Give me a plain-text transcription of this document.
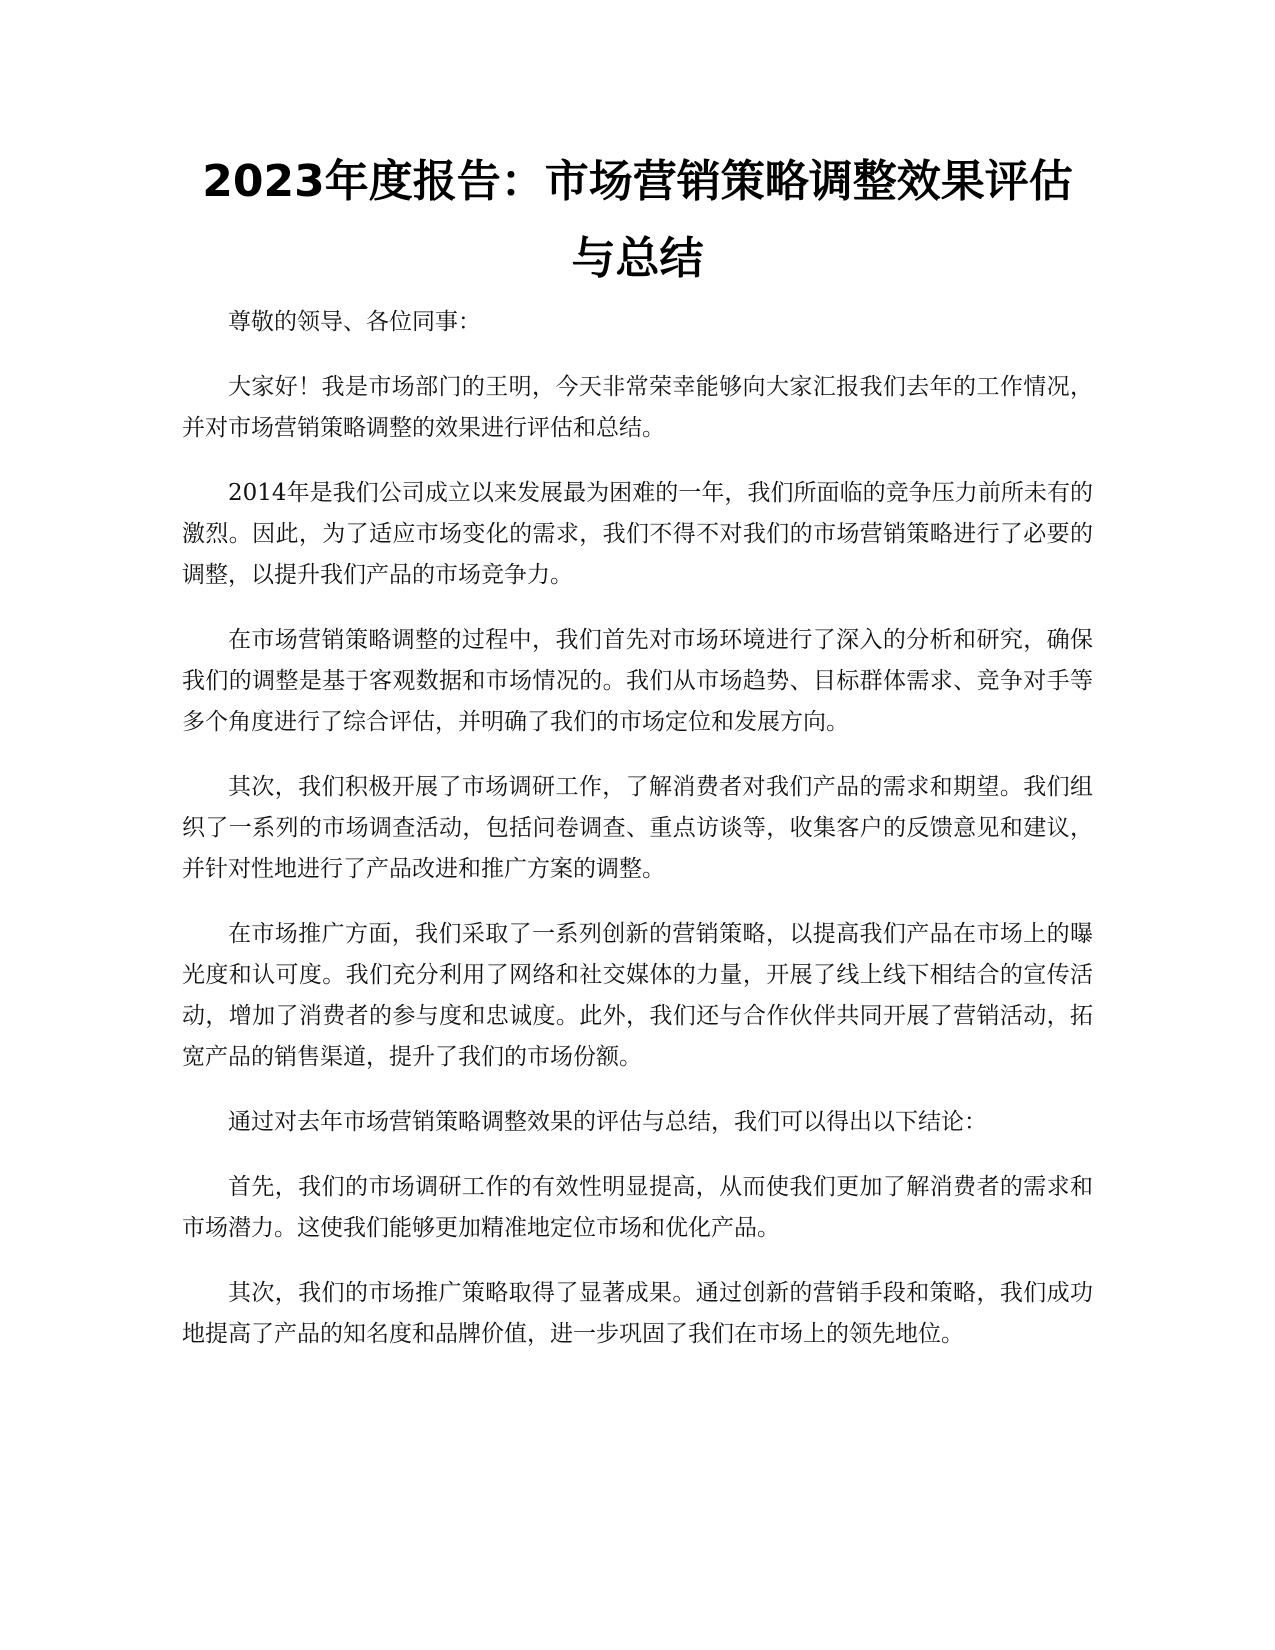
2023年度报告：市场营销策略调整效果评估与总结

尊敬的领导、各位同事：

大家好！我是市场部门的王明，今天非常荣幸能够向大家汇报我们去年的工作情况，并对市场营销策略调整的效果进行评估和总结。

2014年是我们公司成立以来发展最为困难的一年，我们所面临的竞争压力前所未有的激烈。因此，为了适应市场变化的需求，我们不得不对我们的市场营销策略进行了必要的调整，以提升我们产品的市场竞争力。

在市场营销策略调整的过程中，我们首先对市场环境进行了深入的分析和研究，确保我们的调整是基于客观数据和市场情况的。我们从市场趋势、目标群体需求、竞争对手等多个角度进行了综合评估，并明确了我们的市场定位和发展方向。

其次，我们积极开展了市场调研工作，了解消费者对我们产品的需求和期望。我们组织了一系列的市场调查活动，包括问卷调查、重点访谈等，收集客户的反馈意见和建议，并针对性地进行了产品改进和推广方案的调整。

在市场推广方面，我们采取了一系列创新的营销策略，以提高我们产品在市场上的曝光度和认可度。我们充分利用了网络和社交媒体的力量，开展了线上线下相结合的宣传活动，增加了消费者的参与度和忠诚度。此外，我们还与合作伙伴共同开展了营销活动，拓宽产品的销售渠道，提升了我们的市场份额。

通过对去年市场营销策略调整效果的评估与总结，我们可以得出以下结论：

首先，我们的市场调研工作的有效性明显提高，从而使我们更加了解消费者的需求和市场潜力。这使我们能够更加精准地定位市场和优化产品。

其次，我们的市场推广策略取得了显著成果。通过创新的营销手段和策略，我们成功地提高了产品的知名度和品牌价值，进一步巩固了我们在市场上的领先地位。
